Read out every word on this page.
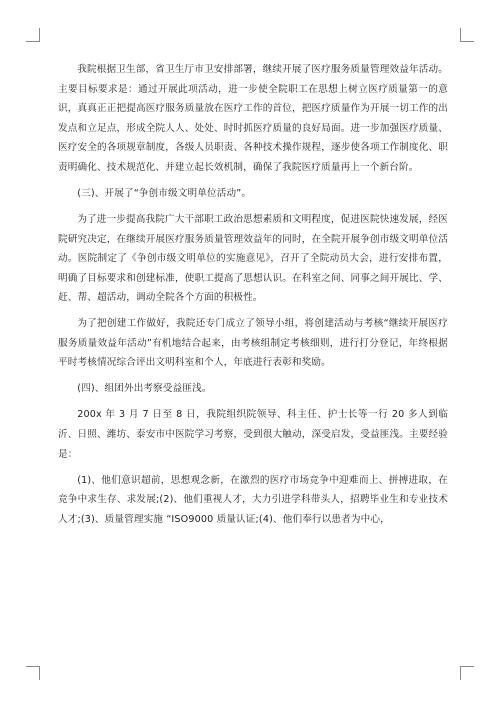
我院根据卫生部，省卫生厅市卫安排部署，继续开展了医疗服务质量管理效益年活动。主要目标要求是：通过开展此项活动，进一步使全院职工在思想上树立医疗质量第一的意识，真真正正把提高医疗服务质量放在医疗工作的首位，把医疗质量作为开展一切工作的出发点和立足点，形成全院人人、处处、时时抓医疗质量的良好局面。进一步加强医疗质量、医疗安全的各项规章制度，各级人员职责、各种技术操作规程，逐步使各项工作制度化、职责明确化、技术规范化、并建立起长效机制，确保了我院医疗质量再上一个新台阶。

(三)、开展了“争创市级文明单位活动”。

为了进一步提高我院广大干部职工政治思想素质和文明程度，促进医院快速发展，经医院研究决定，在继续开展医疗服务质量管理效益年的同时，在全院开展争创市级文明单位活动。医院制定了《争创市级文明单位的实施意见》，召开了全院动员大会，进行安排布置，明确了目标要求和创建标准，使职工提高了思想认识。在科室之间、同事之间开展比、学、赶、帮、超活动，调动全院各个方面的积极性。

为了把创建工作做好，我院还专门成立了领导小组，将创建活动与考核“继续开展医疗服务质量效益年活动”有机地结合起来，由考核组制定考核细则，进行打分登记，年终根据平时考核情况综合评出文明科室和个人，年底进行表彰和奖励。

(四)、组团外出考察受益匪浅。

200x 年 3 月 7 日至 8 日，我院组织院领导、科主任、护士长等一行 20 多人到临沂、日照、潍坊、泰安市中医院学习考察，受到很大触动，深受启发，受益匪浅。主要经验是：

(1)、他们意识超前，思想观念新，在激烈的医疗市场竞争中迎难而上、拼搏进取，在竞争中求生存、求发展;(2)、他们重视人才，大力引进学科带头人，招聘毕业生和专业技术人才;(3)、质量管理实施 “ISO9000 质量认证;(4)、他们奉行以患者为中心，
